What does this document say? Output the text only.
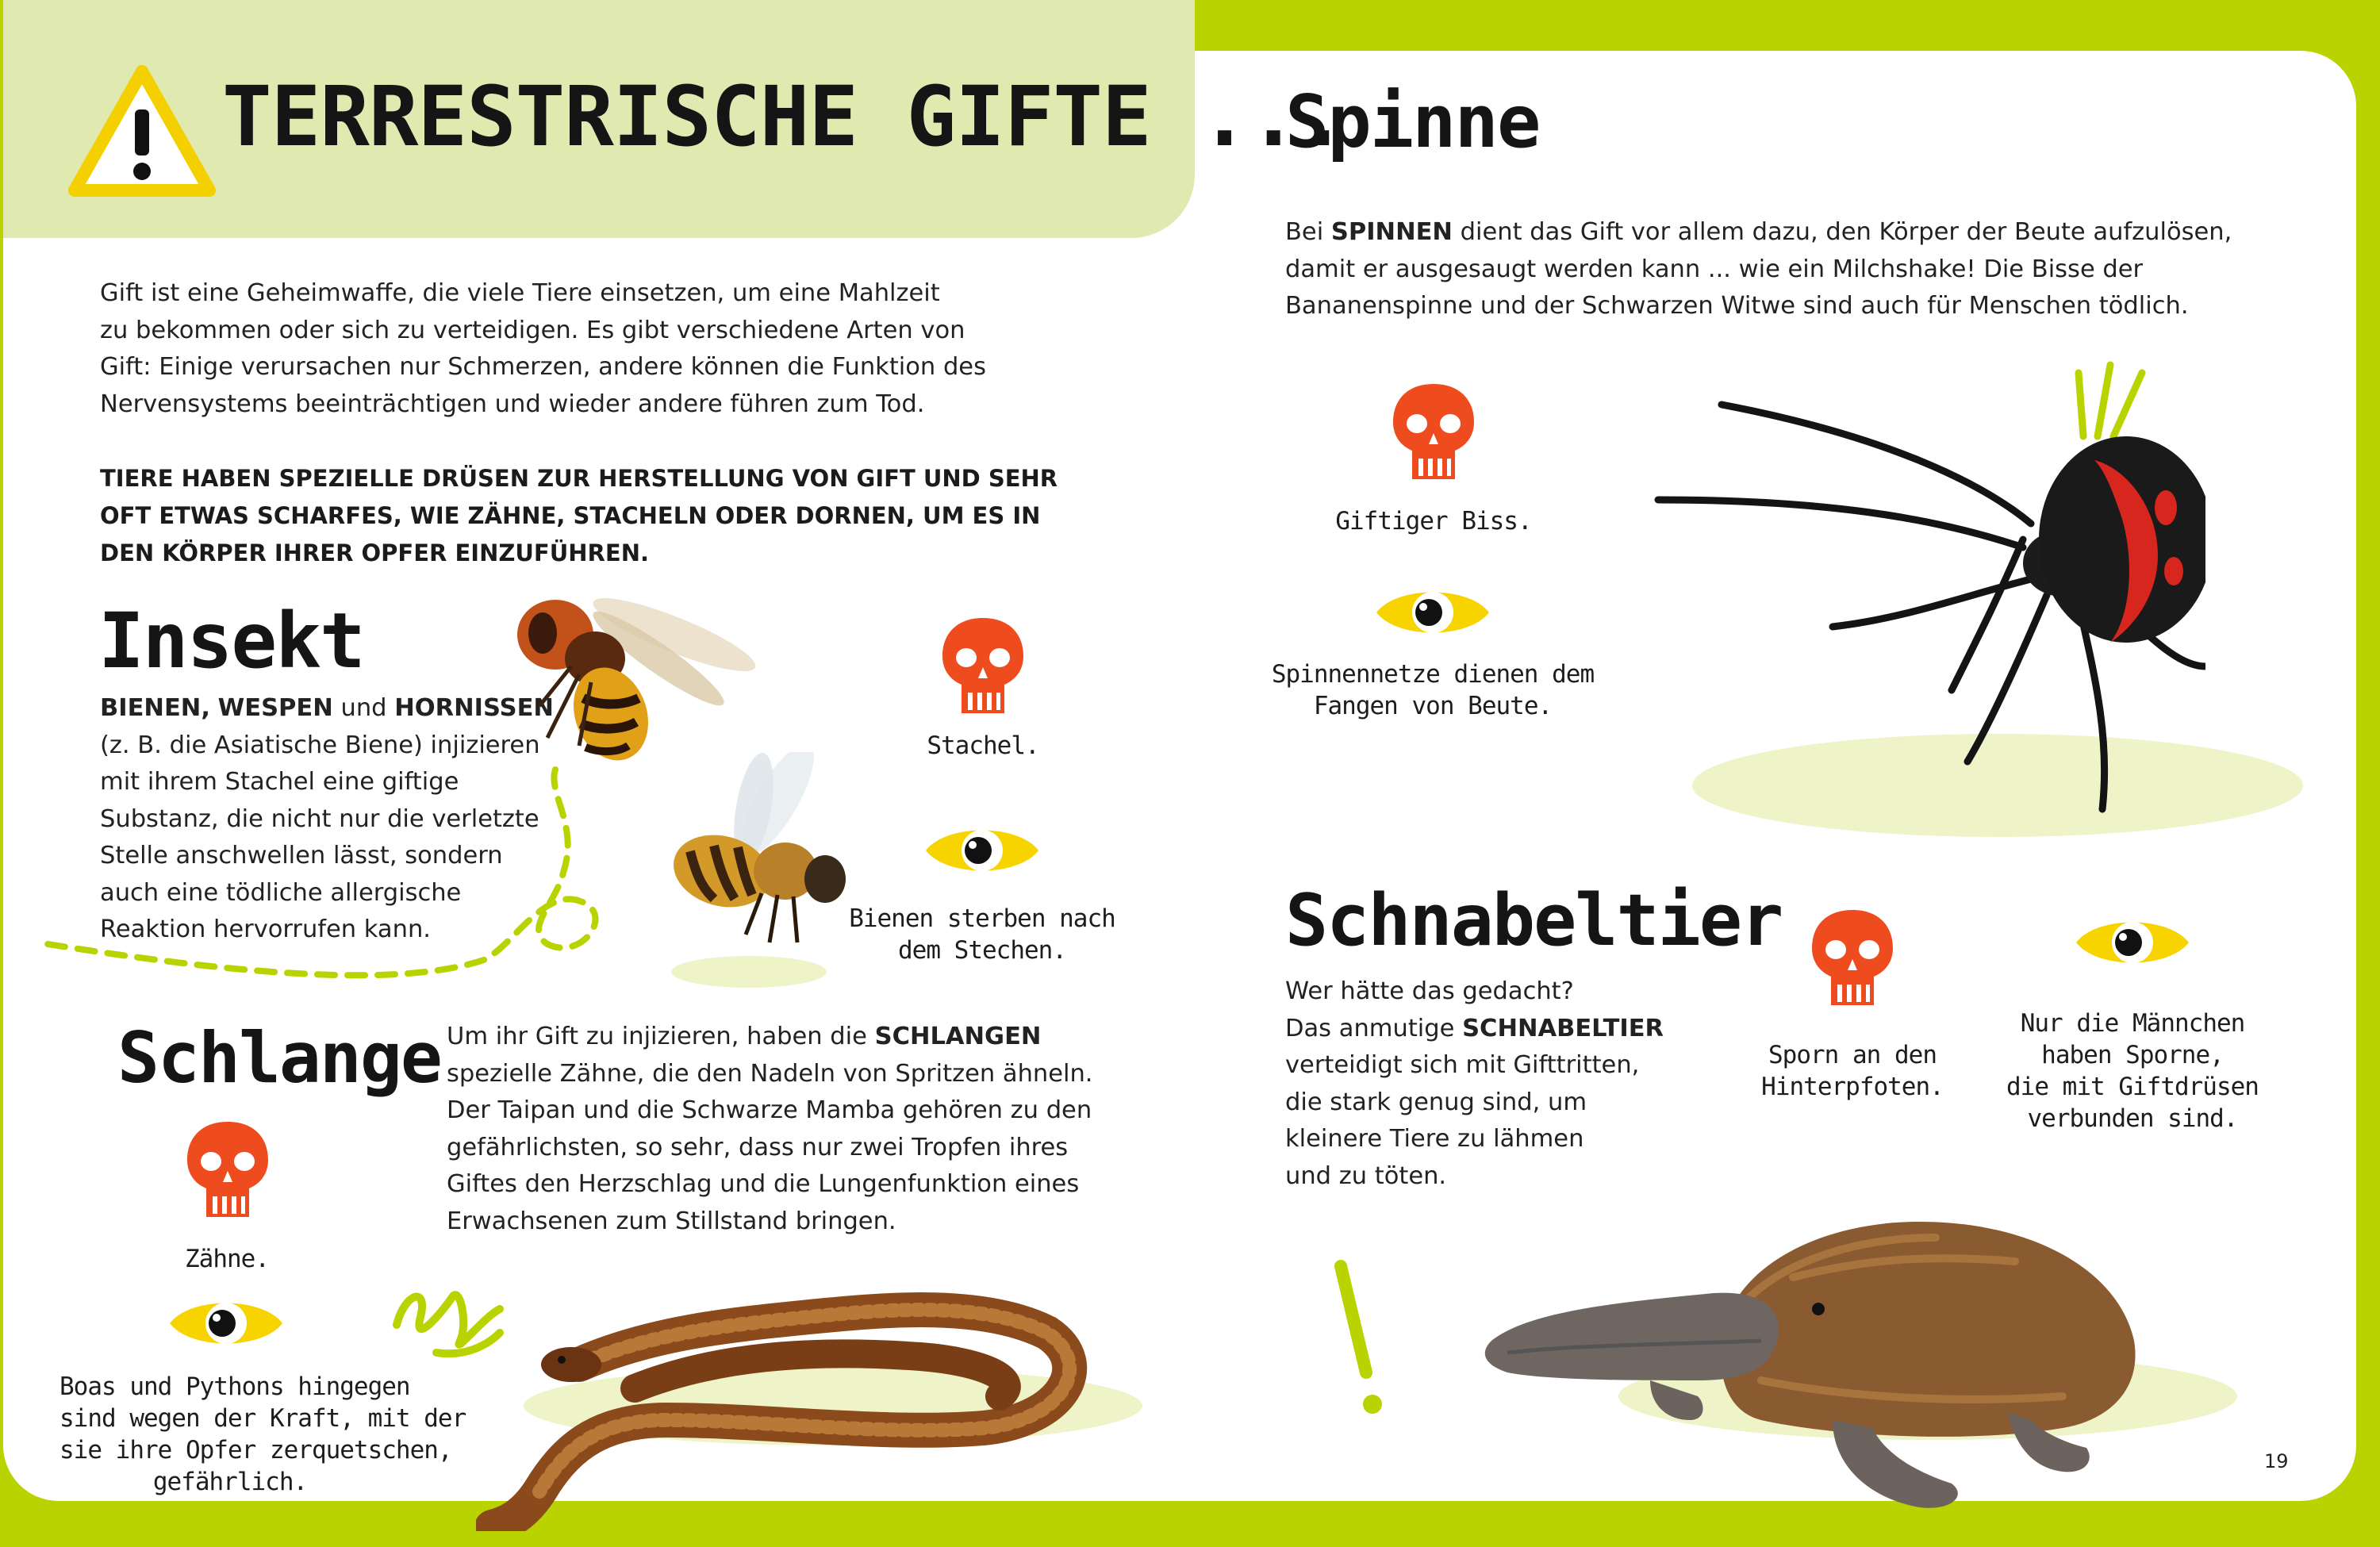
TERRESTRISCHE GIFTE ...
Gift ist eine Geheimwaffe, die viele Tiere einsetzen, um eine Mahlzeit
zu bekommen oder sich zu verteidigen. Es gibt verschiedene Arten von
Gift: Einige verursachen nur Schmerzen, andere können die Funktion des
Nervensystems beeinträchtigen und wieder andere führen zum Tod.
TIERE HABEN SPEZIELLE DRÜSEN ZUR HERSTELLUNG VON GIFT UND SEHR
OFT ETWAS SCHARFES, WIE ZÄHNE, STACHELN ODER DORNEN, UM ES IN
DEN KÖRPER IHRER OPFER EINZUFÜHREN.
Insekt
BIENEN, WESPEN und HORNISSEN
(z. B. die Asiatische Biene) injizieren
mit ihrem Stachel eine giftige
Substanz, die nicht nur die verletzte
Stelle anschwellen lässt, sondern
auch eine tödliche allergische
Reaktion hervorrufen kann.
Stachel.
Bienen sterben nach
dem Stechen.
Schlange Um ihr Gift zu injizieren, haben die SCHLANGEN
spezielle Zähne, die den Nadeln von Spritzen ähneln.
Der Taipan und die Schwarze Mamba gehören zu den
gefährlichsten, so sehr, dass nur zwei Tropfen ihres
Giftes den Herzschlag und die Lungenfunktion eines
Erwachsenen zum Stillstand bringen.
Zähne.
Boas und Pythons hingegen
sind wegen der Kraft, mit der
sie ihre Opfer zerquetschen,
gefährlich.
Spinne
Bei SPINNEN dient das Gift vor allem dazu, den Körper der Beute aufzulösen,
damit er ausgesaugt werden kann ... wie ein Milchshake! Die Bisse der
Bananenspinne und der Schwarzen Witwe sind auch für Menschen tödlich.
Giftiger Biss.
Spinnennetze dienen dem
Fangen von Beute.
Schnabeltier
Wer hätte das gedacht?
Das anmutige SCHNABELTIER
verteidigt sich mit Gifttritten,
die stark genug sind, um
kleinere Tiere zu lähmen
und zu töten.
Sporn an den
Hinterpfoten.
Nur die Männchen
haben Sporne,
die mit Giftdrüsen
verbunden sind.
19
